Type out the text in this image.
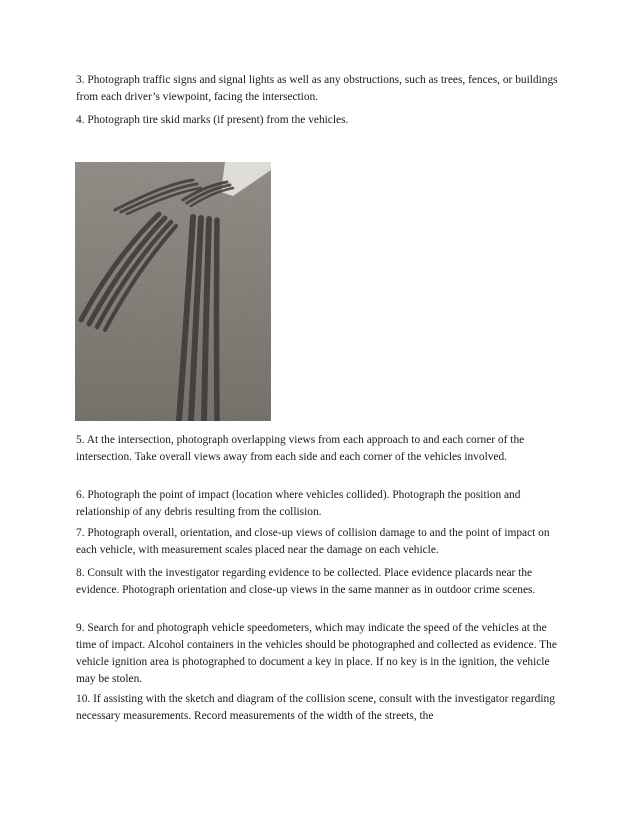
3. Photograph traffic signs and signal lights as well as any obstructions, such as trees, fences, or buildings from each driver’s viewpoint, facing the intersection.

4. Photograph tire skid marks (if present) from the vehicles.

5. At the intersection, photograph overlapping views from each approach to and each corner of the intersection. Take overall views away from each side and each corner of the vehicles involved.

6. Photograph the point of impact (location where vehicles collided). Photograph the position and relationship of any debris resulting from the collision.

7. Photograph overall, orientation, and close-up views of collision damage to and the point of impact on each vehicle, with measurement scales placed near the damage on each vehicle.

8. Consult with the investigator regarding evidence to be collected. Place evidence placards near the evidence. Photograph orientation and close-up views in the same manner as in outdoor crime scenes.

9. Search for and photograph vehicle speedometers, which may indicate the speed of the vehicles at the time of impact. Alcohol containers in the vehicles should be photographed and collected as evidence. The vehicle ignition area is photographed to document a key in place. If no key is in the ignition, the vehicle may be stolen.

10. If assisting with the sketch and diagram of the collision scene, consult with the investigator regarding necessary measurements. Record measurements of the width of the streets, the
